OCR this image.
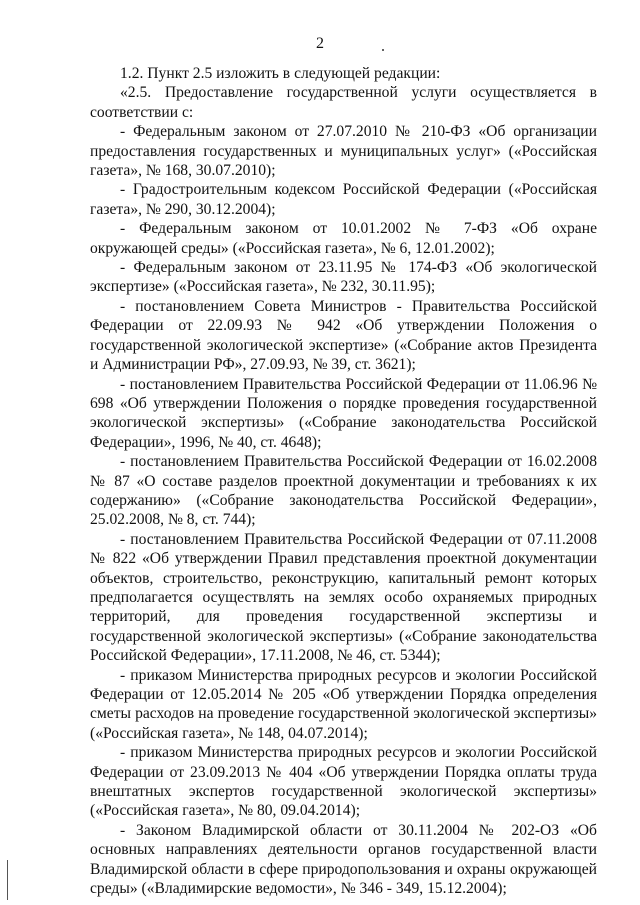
2

1.2. Пункт 2.5 изложить в следующей редакции:

«2.5. Предоставление государственной услуги осуществляется в соответствии с:

- Федеральным законом от 27.07.2010 № 210-ФЗ «Об организации предоставления государственных и муниципальных услуг» («Российская газета», № 168, 30.07.2010);

- Градостроительным кодексом Российской Федерации («Российская газета», № 290, 30.12.2004);

- Федеральным законом от 10.01.2002 № 7-ФЗ «Об охране окружающей среды» («Российская газета», № 6, 12.01.2002);

- Федеральным законом от 23.11.95 № 174-ФЗ «Об экологической экспертизе» («Российская газета», № 232, 30.11.95);

- постановлением Совета Министров - Правительства Российской Федерации от 22.09.93 № 942 «Об утверждении Положения о государственной экологической экспертизе» («Собрание актов Президента и Администрации РФ», 27.09.93, № 39, ст. 3621);

- постановлением Правительства Российской Федерации от 11.06.96 № 698 «Об утверждении Положения о порядке проведения государственной экологической экспертизы» («Собрание законодательства Российской Федерации», 1996, № 40, ст. 4648);

- постановлением Правительства Российской Федерации от 16.02.2008 № 87 «О составе разделов проектной документации и требованиях к их содержанию» («Собрание законодательства Российской Федерации», 25.02.2008, № 8, ст. 744);

- постановлением Правительства Российской Федерации от 07.11.2008 № 822 «Об утверждении Правил представления проектной документации объектов, строительство, реконструкцию, капитальный ремонт которых предполагается осуществлять на землях особо охраняемых природных территорий, для проведения государственной экспертизы и государственной экологической экспертизы» («Собрание законодательства Российской Федерации», 17.11.2008, № 46, ст. 5344);

- приказом Министерства природных ресурсов и экологии Российской Федерации от 12.05.2014 № 205 «Об утверждении Порядка определения сметы расходов на проведение государственной экологической экспертизы» («Российская газета», № 148, 04.07.2014);

- приказом Министерства природных ресурсов и экологии Российской Федерации от 23.09.2013 № 404 «Об утверждении Порядка оплаты труда внештатных экспертов государственной экологической экспертизы» («Российская газета», № 80, 09.04.2014);

- Законом Владимирской области от 30.11.2004 № 202-ОЗ «Об основных направлениях деятельности органов государственной власти Владимирской области в сфере природопользования и охраны окружающей среды» («Владимирские ведомости», № 346 - 349, 15.12.2004);
